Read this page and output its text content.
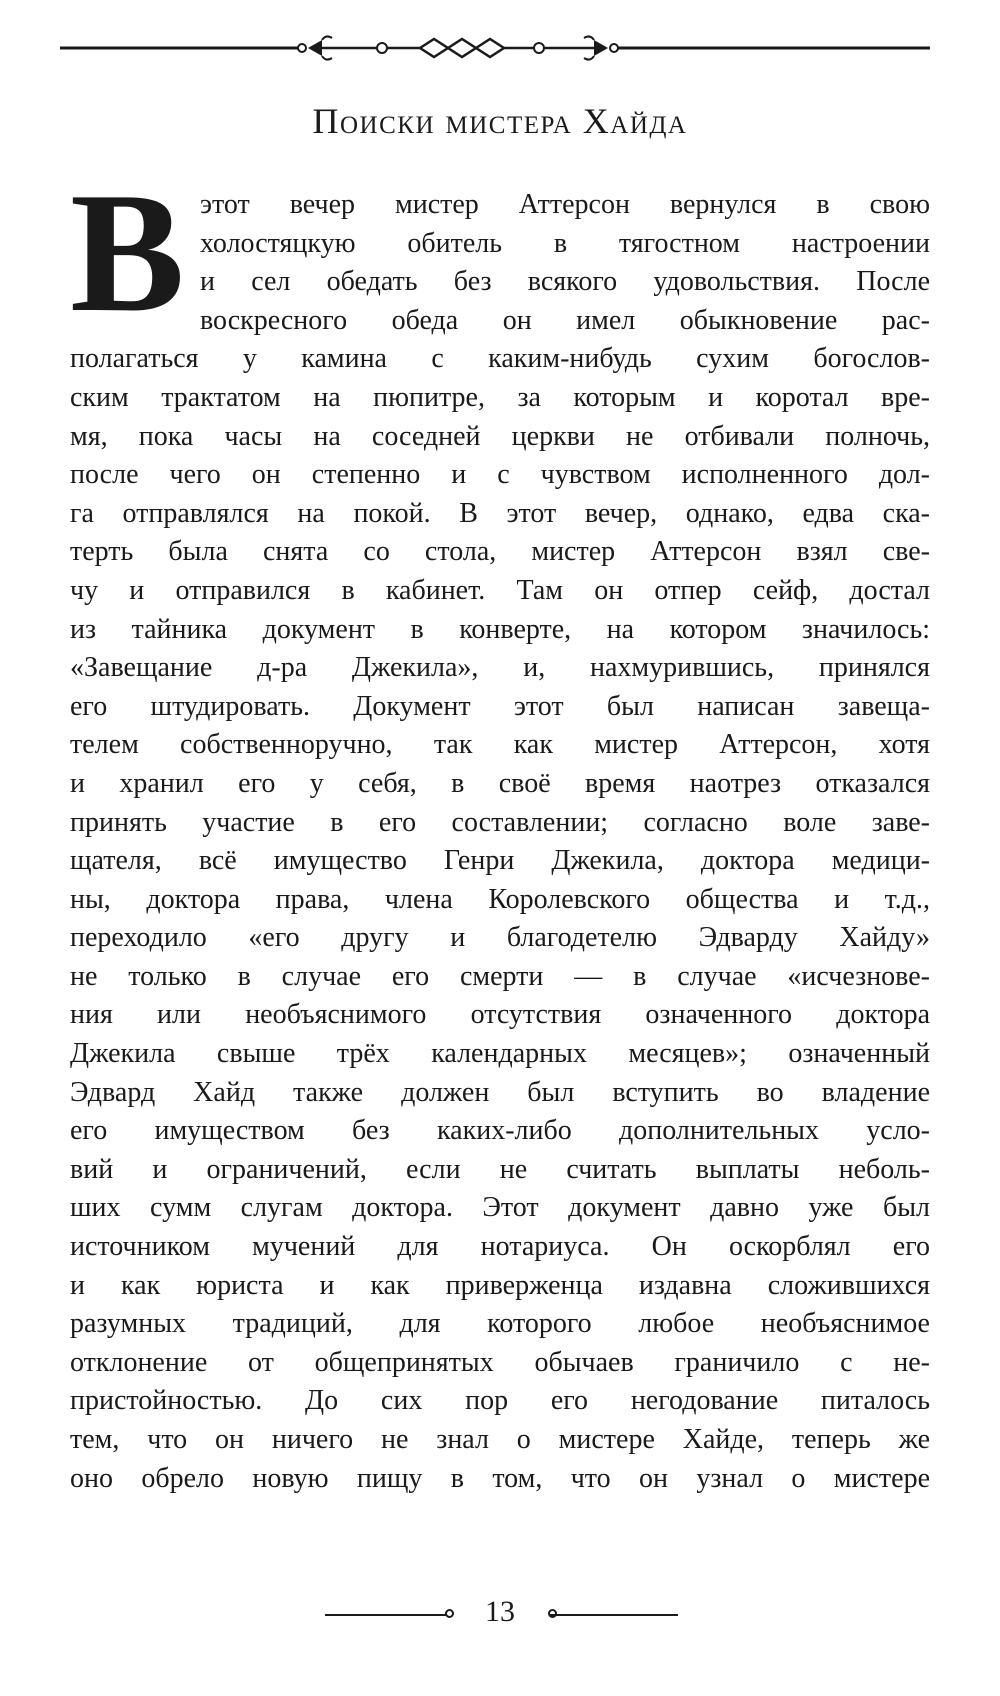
Поиски мистера Хайда
В этот вечер мистер Аттерсон вернулся в свою
холостяцкую обитель в тягостном настроении
и сел обедать без всякого удовольствия. После
воскресного обеда он имел обыкновение рас-
полагаться у камина с каким-нибудь сухим богослов-
ским трактатом на пюпитре, за которым и коротал вре-
мя, пока часы на соседней церкви не отбивали полночь,
после чего он степенно и с чувством исполненного дол-
га отправлялся на покой. В этот вечер, однако, едва ска-
терть была снята со стола, мистер Аттерсон взял све-
чу и отправился в кабинет. Там он отпер сейф, достал
из тайника документ в конверте, на котором значилось:
«Завещание д-ра Джекила», и, нахмурившись, принялся
его штудировать. Документ этот был написан завеща-
телем собственноручно, так как мистер Аттерсон, хотя
и хранил его у себя, в своё время наотрез отказался
принять участие в его составлении; согласно воле заве-
щателя, всё имущество Генри Джекила, доктора медици-
ны, доктора права, члена Королевского общества и т.д.,
переходило «его другу и благодетелю Эдварду Хайду»
не только в случае его смерти — в случае «исчезнове-
ния или необъяснимого отсутствия означенного доктора
Джекила свыше трёх календарных месяцев»; означенный
Эдвард Хайд также должен был вступить во владение
его имуществом без каких-либо дополнительных усло-
вий и ограничений, если не считать выплаты неболь-
ших сумм слугам доктора. Этот документ давно уже был
источником мучений для нотариуса. Он оскорблял его
и как юриста и как приверженца издавна сложившихся
разумных традиций, для которого любое необъяснимое
отклонение от общепринятых обычаев граничило с не-
пристойностью. До сих пор его негодование питалось
тем, что он ничего не знал о мистере Хайде, теперь же
оно обрело новую пищу в том, что он узнал о мистере
13
